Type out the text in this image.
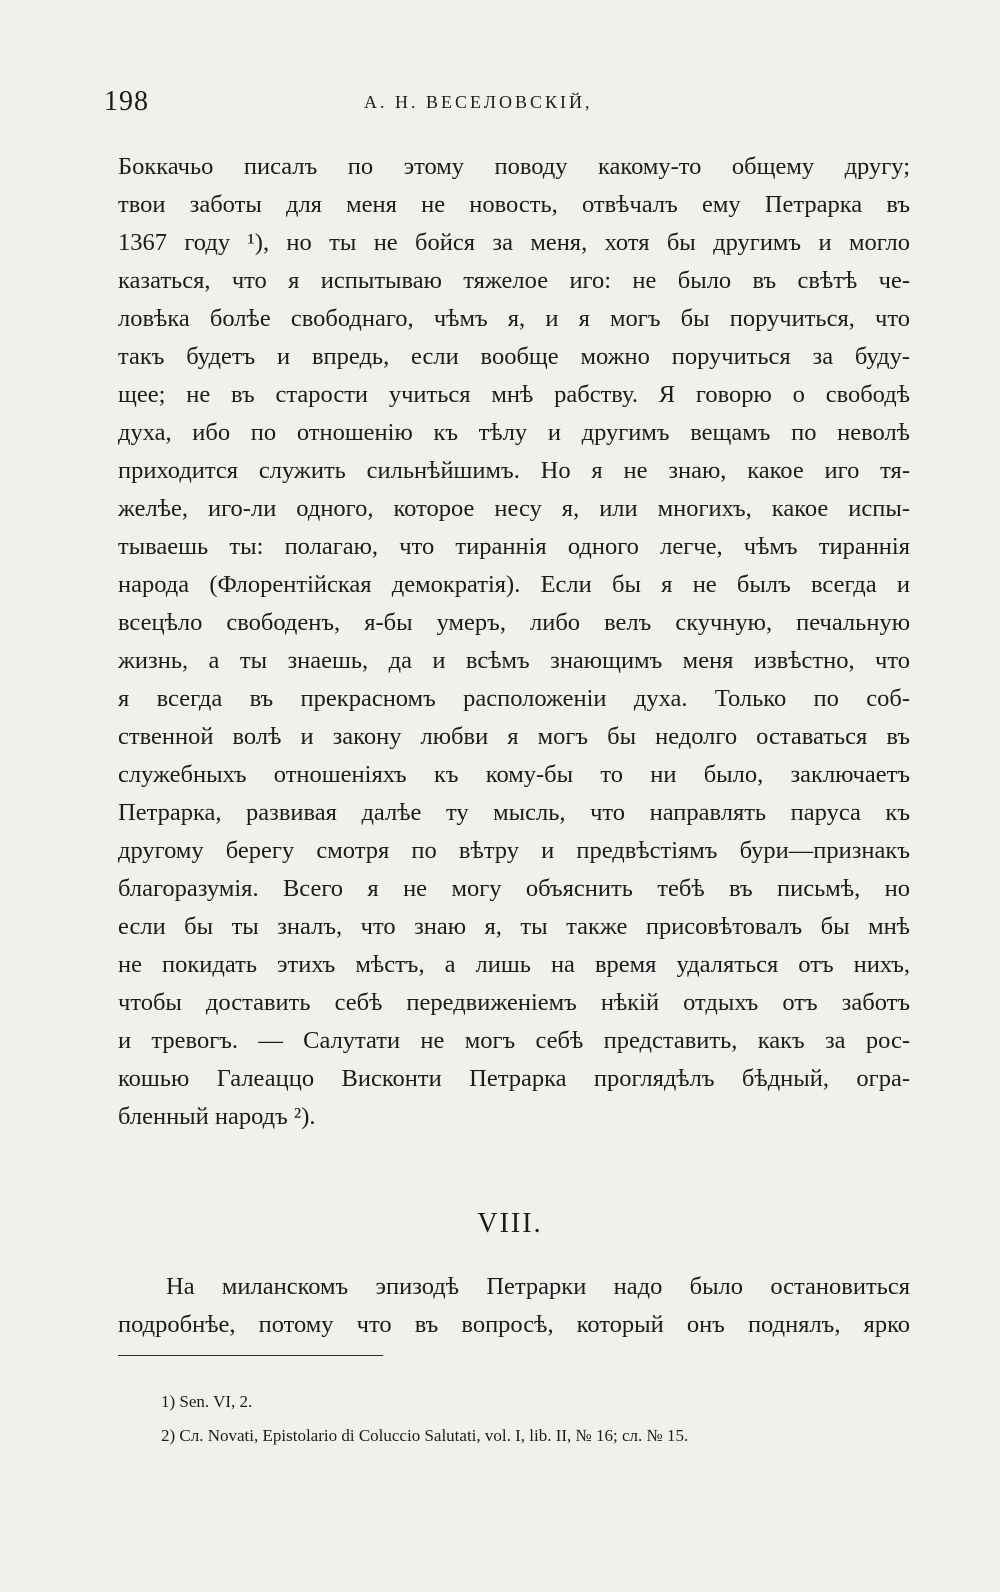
198	А. Н. ВЕСЕЛОВСКІЙ,
Боккачьо писалъ по этому поводу какому-то общему другу;
твои заботы для меня не новость, отвѣчалъ ему Петрарка въ
1367 году ¹), но ты не бойся за меня, хотя бы другимъ и могло
казаться, что я испытываю тяжелое иго: не было въ свѣтѣ че-
ловѣка болѣе свободнаго, чѣмъ я, и я могъ бы поручиться, что
такъ будетъ и впредь, если вообще можно поручиться за буду-
щее; не въ старости учиться мнѣ рабству. Я говорю о свободѣ
духа, ибо по отношенію къ тѣлу и другимъ вещамъ по неволѣ
приходится служить сильнѣйшимъ. Но я не знаю, какое иго тя-
желѣе, иго-ли одного, которое несу я, или многихъ, какое испы-
тываешь ты: полагаю, что тираннія одного легче, чѣмъ тираннія
народа (Флорентійская демократія). Если бы я не былъ всегда и
всецѣло свободенъ, я-бы умеръ, либо велъ скучную, печальную
жизнь, а ты знаешь, да и всѣмъ знающимъ меня извѣстно, что
я всегда въ прекрасномъ расположеніи духа. Только по соб-
ственной волѣ и закону любви я могъ бы недолго оставаться въ
служебныхъ отношеніяхъ къ кому-бы то ни было, заключаетъ
Петрарка, развивая далѣе ту мысль, что направлять паруса къ
другому берегу смотря по вѣтру и предвѣстіямъ бури—признакъ
благоразумія. Всего я не могу объяснить тебѣ въ письмѣ, но
если бы ты зналъ, что знаю я, ты также присовѣтовалъ бы мнѣ
не покидать этихъ мѣстъ, а лишь на время удаляться отъ нихъ,
чтобы доставить себѣ передвиженіемъ нѣкій отдыхъ отъ заботъ
и тревогъ. — Салутати не могъ себѣ представить, какъ за рос-
кошью Галеаццо Висконти Петрарка проглядѣлъ бѣдный, огра-
бленный народъ ²).
VIII.
На миланскомъ эпизодѣ Петрарки надо было остановиться
подробнѣе, потому что въ вопросѣ, который онъ поднялъ, ярко
1) Sen. VI, 2.
2) Сл. Novati, Epistolario di Coluccio Salutati, vol. I, lib. II, № 16; сл. № 15.
